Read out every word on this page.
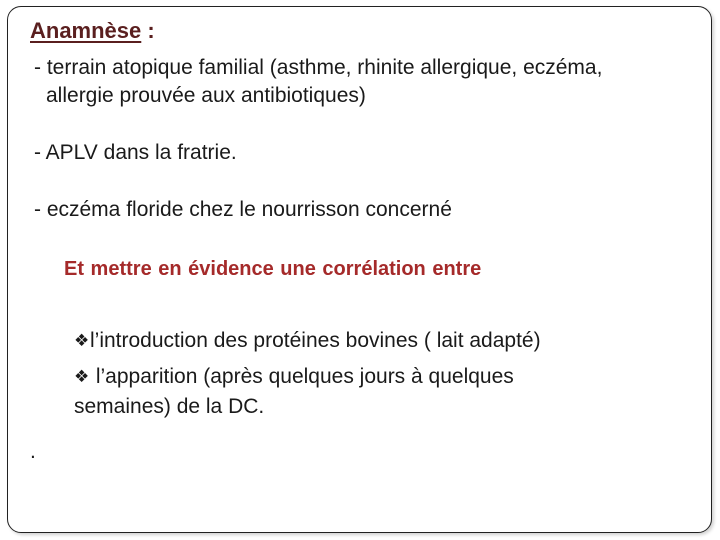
Anamnèse :
- terrain atopique familial (asthme, rhinite allergique, eczéma,
allergie prouvée aux antibiotiques)
- APLV dans la fratrie.
- eczéma floride chez le nourrisson concerné
Et mettre en évidence une corrélation entre
❖l’introduction des protéines bovines ( lait adapté)
❖ l’apparition (après quelques jours à quelques
semaines) de la DC.
.
